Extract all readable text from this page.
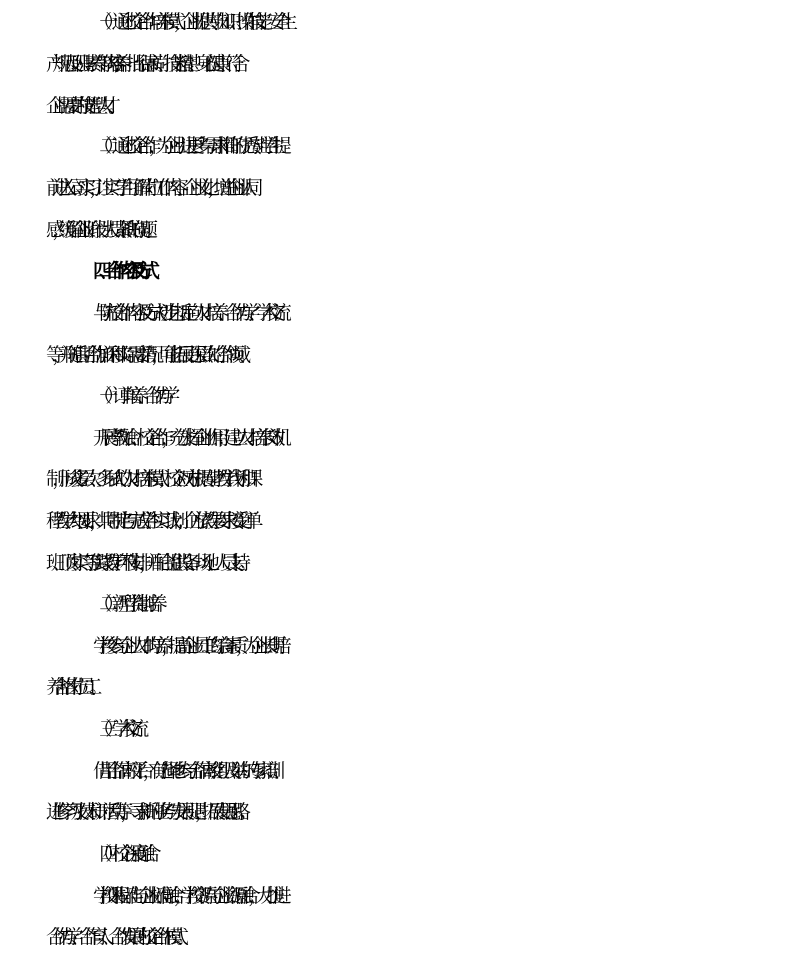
（一）通过校企合作培养模式，企业提供专业知识、操作技能、安全生
产规范及职业素养等内容,培养一批品德高尚、技能精湛、身心健康、符合
企业需要的技能型人才。
（二）通过校企合作，为企业引进更多与需求相符的优秀专业学生提
前进入公司实习，让实习学生了解岗位工作内容、企业文化，增进企业认同
感，缓解企业阶段性人员紧缺的问题。
四、合作内容及方式
与院校合作内容及方式初步包括定向人才培养、合作办学、学术交流
等，并随后期合作加深和实际需要情况，可能拓展更深层次的合作领域。
（一）订单培养、合作办学
开展产教融合、校企合作，充分发挥企业作用；建立人才培养长效机
制，形成多层次、多形式的人才培养模式；校企双方根据专业教学计划和课
程教学大纲要求，共同制定与完成学生实习计划；企方依教学要求接受订单
班、顶岗实习等实践教学环节安排，并配合提供设备、场地、人员支持。
（二）新型学徒制培养
学校参与企业人才的培养，提高企业员工的综合素质，为企业长期培
养合格岗位员工。
（三）学术交流
借用合作高校平台，有选择地参与合作高校组织及举办的专家培训、
进修学习及技术研讨活动等，寻求新的业务与发展机遇，拓展发展思路。
（四）校企深度融合
学校课程标准与企业标准融合，学校资源与企业资源融合，大力推进
合作办学、合作育人、合作发展的校企合作模式。
